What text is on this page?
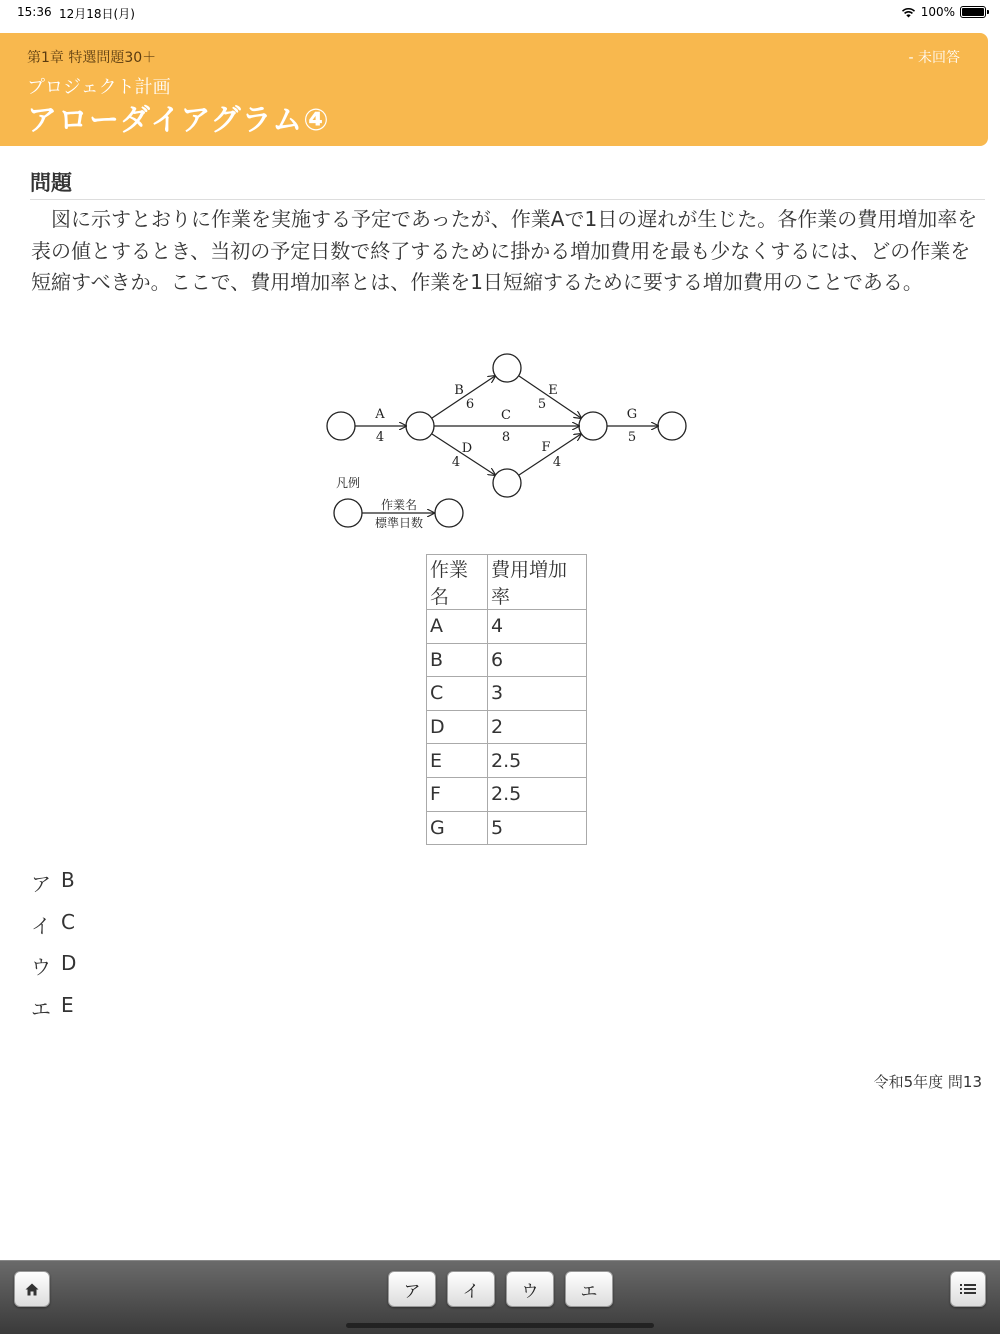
15:36 12月18日(月)	100%
第1章 特選問題30＋	- 未回答
プロジェクト計画
アローダイアグラム④
問題
図に示すとおりに作業を実施する予定であったが、作業Aで1日の遅れが生じた。各作業の費用増加率を表の値とするとき、当初の予定日数で終了するために掛かる増加費用を最も少なくするには、どの作業を短縮すべきか。ここで、費用増加率とは、作業を1日短縮するために要する増加費用のことである。
A
4
B
6
C
8
D
4
E
5
F
4
G
5
凡例
作業名
標準日数
作業名	費用増加率
A	4
B	6
C	3
D	2
E	2.5
F	2.5
G	5
ア B
イ C
ウ D
エ E
令和5年度 問13
ア	イ	ウ	エ
